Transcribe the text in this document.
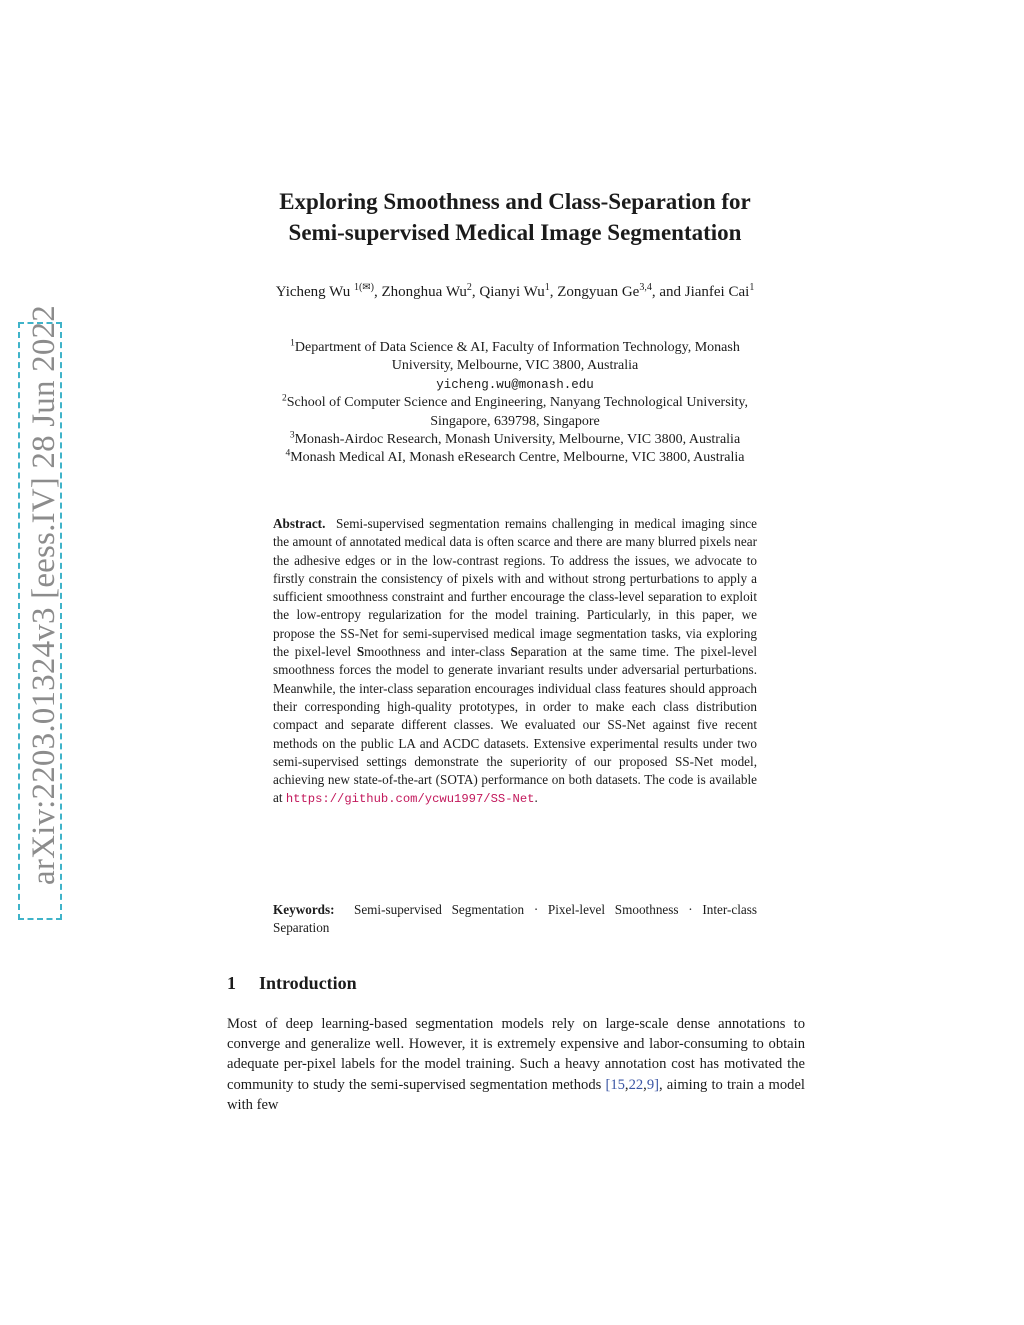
arXiv:2203.01324v3 [eess.IV] 28 Jun 2022
Exploring Smoothness and Class-Separation for
Semi-supervised Medical Image Segmentation
Yicheng Wu $^{1(✉)}$, Zhonghua Wu$^2$, Qianyi Wu$^1$, Zongyuan Ge$^{3,4}$, and Jianfei Cai$^1$
$^1$Department of Data Science & AI, Faculty of Information Technology, Monash
University, Melbourne, VIC 3800, Australia
yicheng.wu@monash.edu
$^2$School of Computer Science and Engineering, Nanyang Technological University,
Singapore, 639798, Singapore
$^3$Monash-Airdoc Research, Monash University, Melbourne, VIC 3800, Australia
$^4$Monash Medical AI, Monash eResearch Centre, Melbourne, VIC 3800, Australia
Abstract. Semi-supervised segmentation remains challenging in medical imaging since the amount of annotated medical data is often scarce and there are many blurred pixels near the adhesive edges or in the low-contrast regions. To address the issues, we advocate to firstly constrain the consistency of pixels with and without strong perturbations to apply a sufficient smoothness constraint and further encourage the class-level separation to exploit the low-entropy regularization for the model training. Particularly, in this paper, we propose the SS-Net for semi-supervised medical image segmentation tasks, via exploring the pixel-level Smoothness and inter-class Separation at the same time. The pixel-level smoothness forces the model to generate invariant results under adversarial perturbations. Meanwhile, the inter-class separation encourages individual class features should approach their corresponding high-quality prototypes, in order to make each class distribution compact and separate different classes. We evaluated our SS-Net against five recent methods on the public LA and ACDC datasets. Extensive experimental results under two semi-supervised settings demonstrate the superiority of our proposed SS-Net model, achieving new state-of-the-art (SOTA) performance on both datasets. The code is available at https://github.com/ycwu1997/SS-Net.
Keywords: Semi-supervised Segmentation · Pixel-level Smoothness · Inter-class Separation
1 Introduction
Most of deep learning-based segmentation models rely on large-scale dense annotations to converge and generalize well. However, it is extremely expensive and labor-consuming to obtain adequate per-pixel labels for the model training. Such a heavy annotation cost has motivated the community to study the semi-supervised segmentation methods [15,22,9], aiming to train a model with few
